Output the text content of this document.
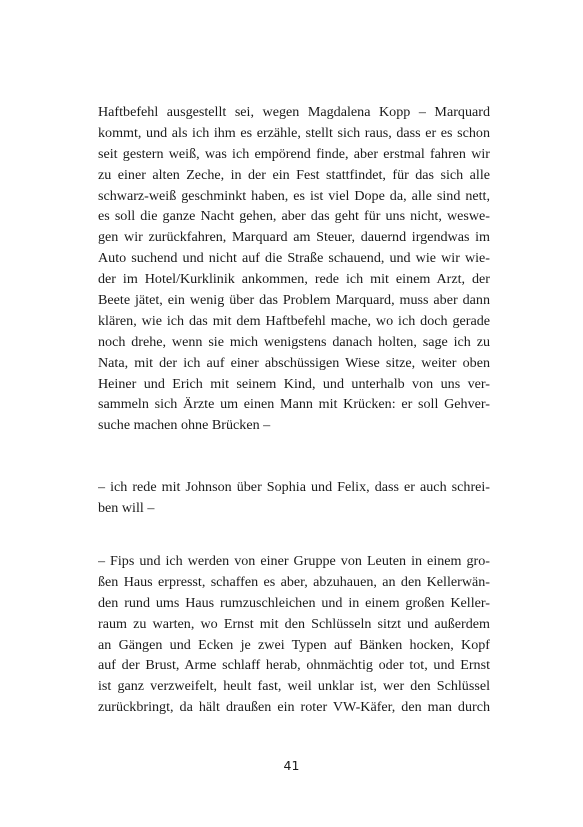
Haftbefehl ausgestellt sei, wegen Magdalena Kopp – Marquard
kommt, und als ich ihm es erzähle, stellt sich raus, dass er es schon
seit gestern weiß, was ich empörend finde, aber erstmal fahren wir
zu einer alten Zeche, in der ein Fest stattfindet, für das sich alle
schwarz-weiß geschminkt haben, es ist viel Dope da, alle sind nett,
es soll die ganze Nacht gehen, aber das geht für uns nicht, weswe-
gen wir zurückfahren, Marquard am Steuer, dauernd irgendwas im
Auto suchend und nicht auf die Straße schauend, und wie wir wie-
der im Hotel/Kurklinik ankommen, rede ich mit einem Arzt, der
Beete jätet, ein wenig über das Problem Marquard, muss aber dann
klären, wie ich das mit dem Haftbefehl mache, wo ich doch gerade
noch drehe, wenn sie mich wenigstens danach holten, sage ich zu
Nata, mit der ich auf einer abschüssigen Wiese sitze, weiter oben
Heiner und Erich mit seinem Kind, und unterhalb von uns ver-
sammeln sich Ärzte um einen Mann mit Krücken: er soll Gehver-
suche machen ohne Brücken –
– ich rede mit Johnson über Sophia und Felix, dass er auch schrei-
ben will –
– Fips und ich werden von einer Gruppe von Leuten in einem gro-
ßen Haus erpresst, schaffen es aber, abzuhauen, an den Kellerwän-
den rund ums Haus rumzuschleichen und in einem großen Keller-
raum zu warten, wo Ernst mit den Schlüsseln sitzt und außerdem
an Gängen und Ecken je zwei Typen auf Bänken hocken, Kopf
auf der Brust, Arme schlaff herab, ohnmächtig oder tot, und Ernst
ist ganz verzweifelt, heult fast, weil unklar ist, wer den Schlüssel
zurückbringt, da hält draußen ein roter VW-Käfer, den man durch
41
